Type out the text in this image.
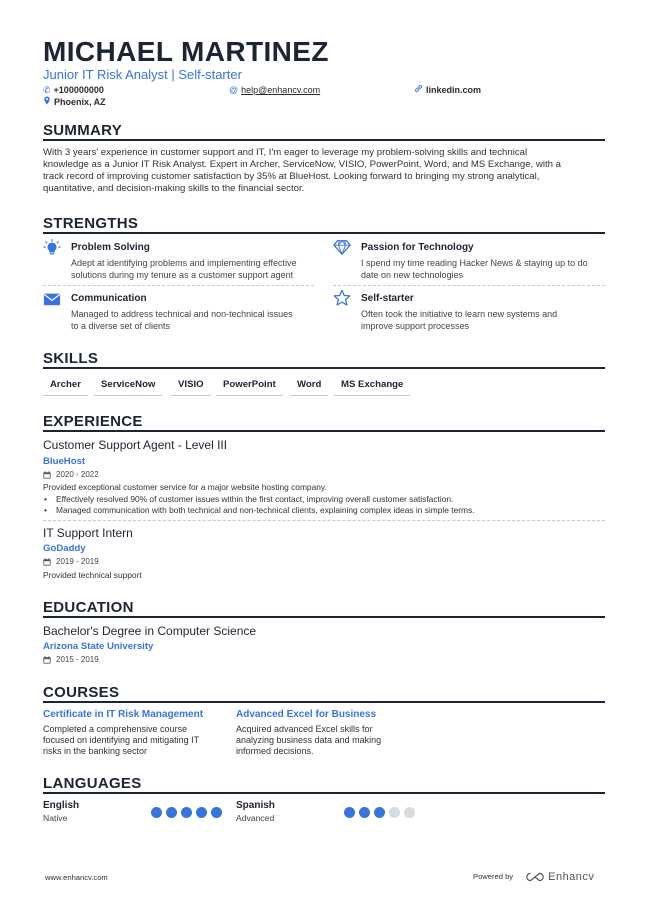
MICHAEL MARTINEZ
Junior IT Risk Analyst | Self-starter
✆ +100000000	@ help@enhancv.com	linkedin.com
Phoenix, AZ
SUMMARY
With 3 years' experience in customer support and IT, I'm eager to leverage my problem-solving skills and technical
knowledge as a Junior IT Risk Analyst. Expert in Archer, ServiceNow, VISIO, PowerPoint, Word, and MS Exchange, with a
track record of improving customer satisfaction by 35% at BlueHost. Looking forward to bringing my strong analytical,
quantitative, and decision-making skills to the financial sector.
STRENGTHS
Problem Solving
Adept at identifying problems and implementing effective
solutions during my tenure as a customer support agent
Passion for Technology
I spend my time reading Hacker News & staying up to do
date on new technologies
Communication
Managed to address technical and non-technical issues
to a diverse set of clients
Self-starter
Often took the initiative to learn new systems and
improve support processes
SKILLS
Archer	ServiceNow	VISIO	PowerPoint	Word	MS Exchange
EXPERIENCE
Customer Support Agent - Level III
BlueHost
2020 - 2022
Provided exceptional customer service for a major website hosting company.
• Effectively resolved 90% of customer issues within the first contact, improving overall customer satisfaction.
• Managed communication with both technical and non-technical clients, explaining complex ideas in simple terms.
IT Support Intern
GoDaddy
2019 - 2019
Provided technical support
EDUCATION
Bachelor's Degree in Computer Science
Arizona State University
2015 - 2019
COURSES
Certificate in IT Risk Management
Completed a comprehensive course
focused on identifying and mitigating IT
risks in the banking sector
Advanced Excel for Business
Acquired advanced Excel skills for
analyzing business data and making
informed decisions.
LANGUAGES
English
Native
Spanish
Advanced
www.enhancv.com	Powered by	Enhancv
